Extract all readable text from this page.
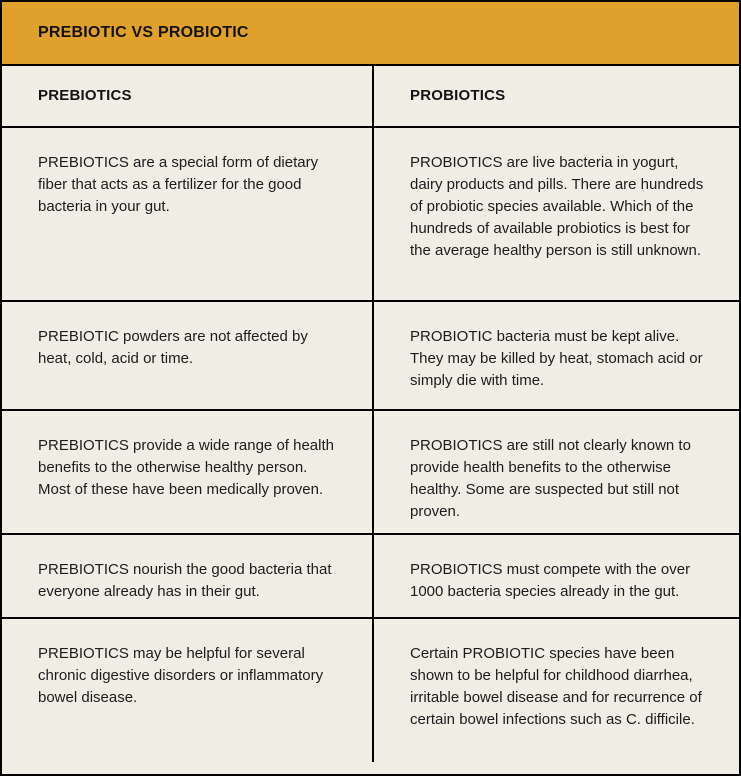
PREBIOTIC VS PROBIOTIC
PREBIOTICS	PROBIOTICS
PREBIOTICS are a special form of dietary fiber that acts as a fertilizer for the good bacteria in your gut.	PROBIOTICS are live bacteria in yogurt, dairy products and pills. There are hundreds of probiotic species available. Which of the hundreds of available probiotics is best for the average healthy person is still unknown.
PREBIOTIC powders are not affected by heat, cold, acid or time.	PROBIOTIC bacteria must be kept alive. They may be killed by heat, stomach acid or simply die with time.
PREBIOTICS provide a wide range of health benefits to the otherwise healthy person. Most of these have been medically proven.	PROBIOTICS are still not clearly known to provide health benefits to the otherwise healthy. Some are suspected but still not proven.
PREBIOTICS nourish the good bacteria that everyone already has in their gut.	PROBIOTICS must compete with the over 1000 bacteria species already in the gut.
PREBIOTICS may be helpful for several chronic digestive disorders or inflammatory bowel disease.	Certain PROBIOTIC species have been shown to be helpful for childhood diarrhea, irritable bowel disease and for recurrence of certain bowel infections such as C. difficile.
